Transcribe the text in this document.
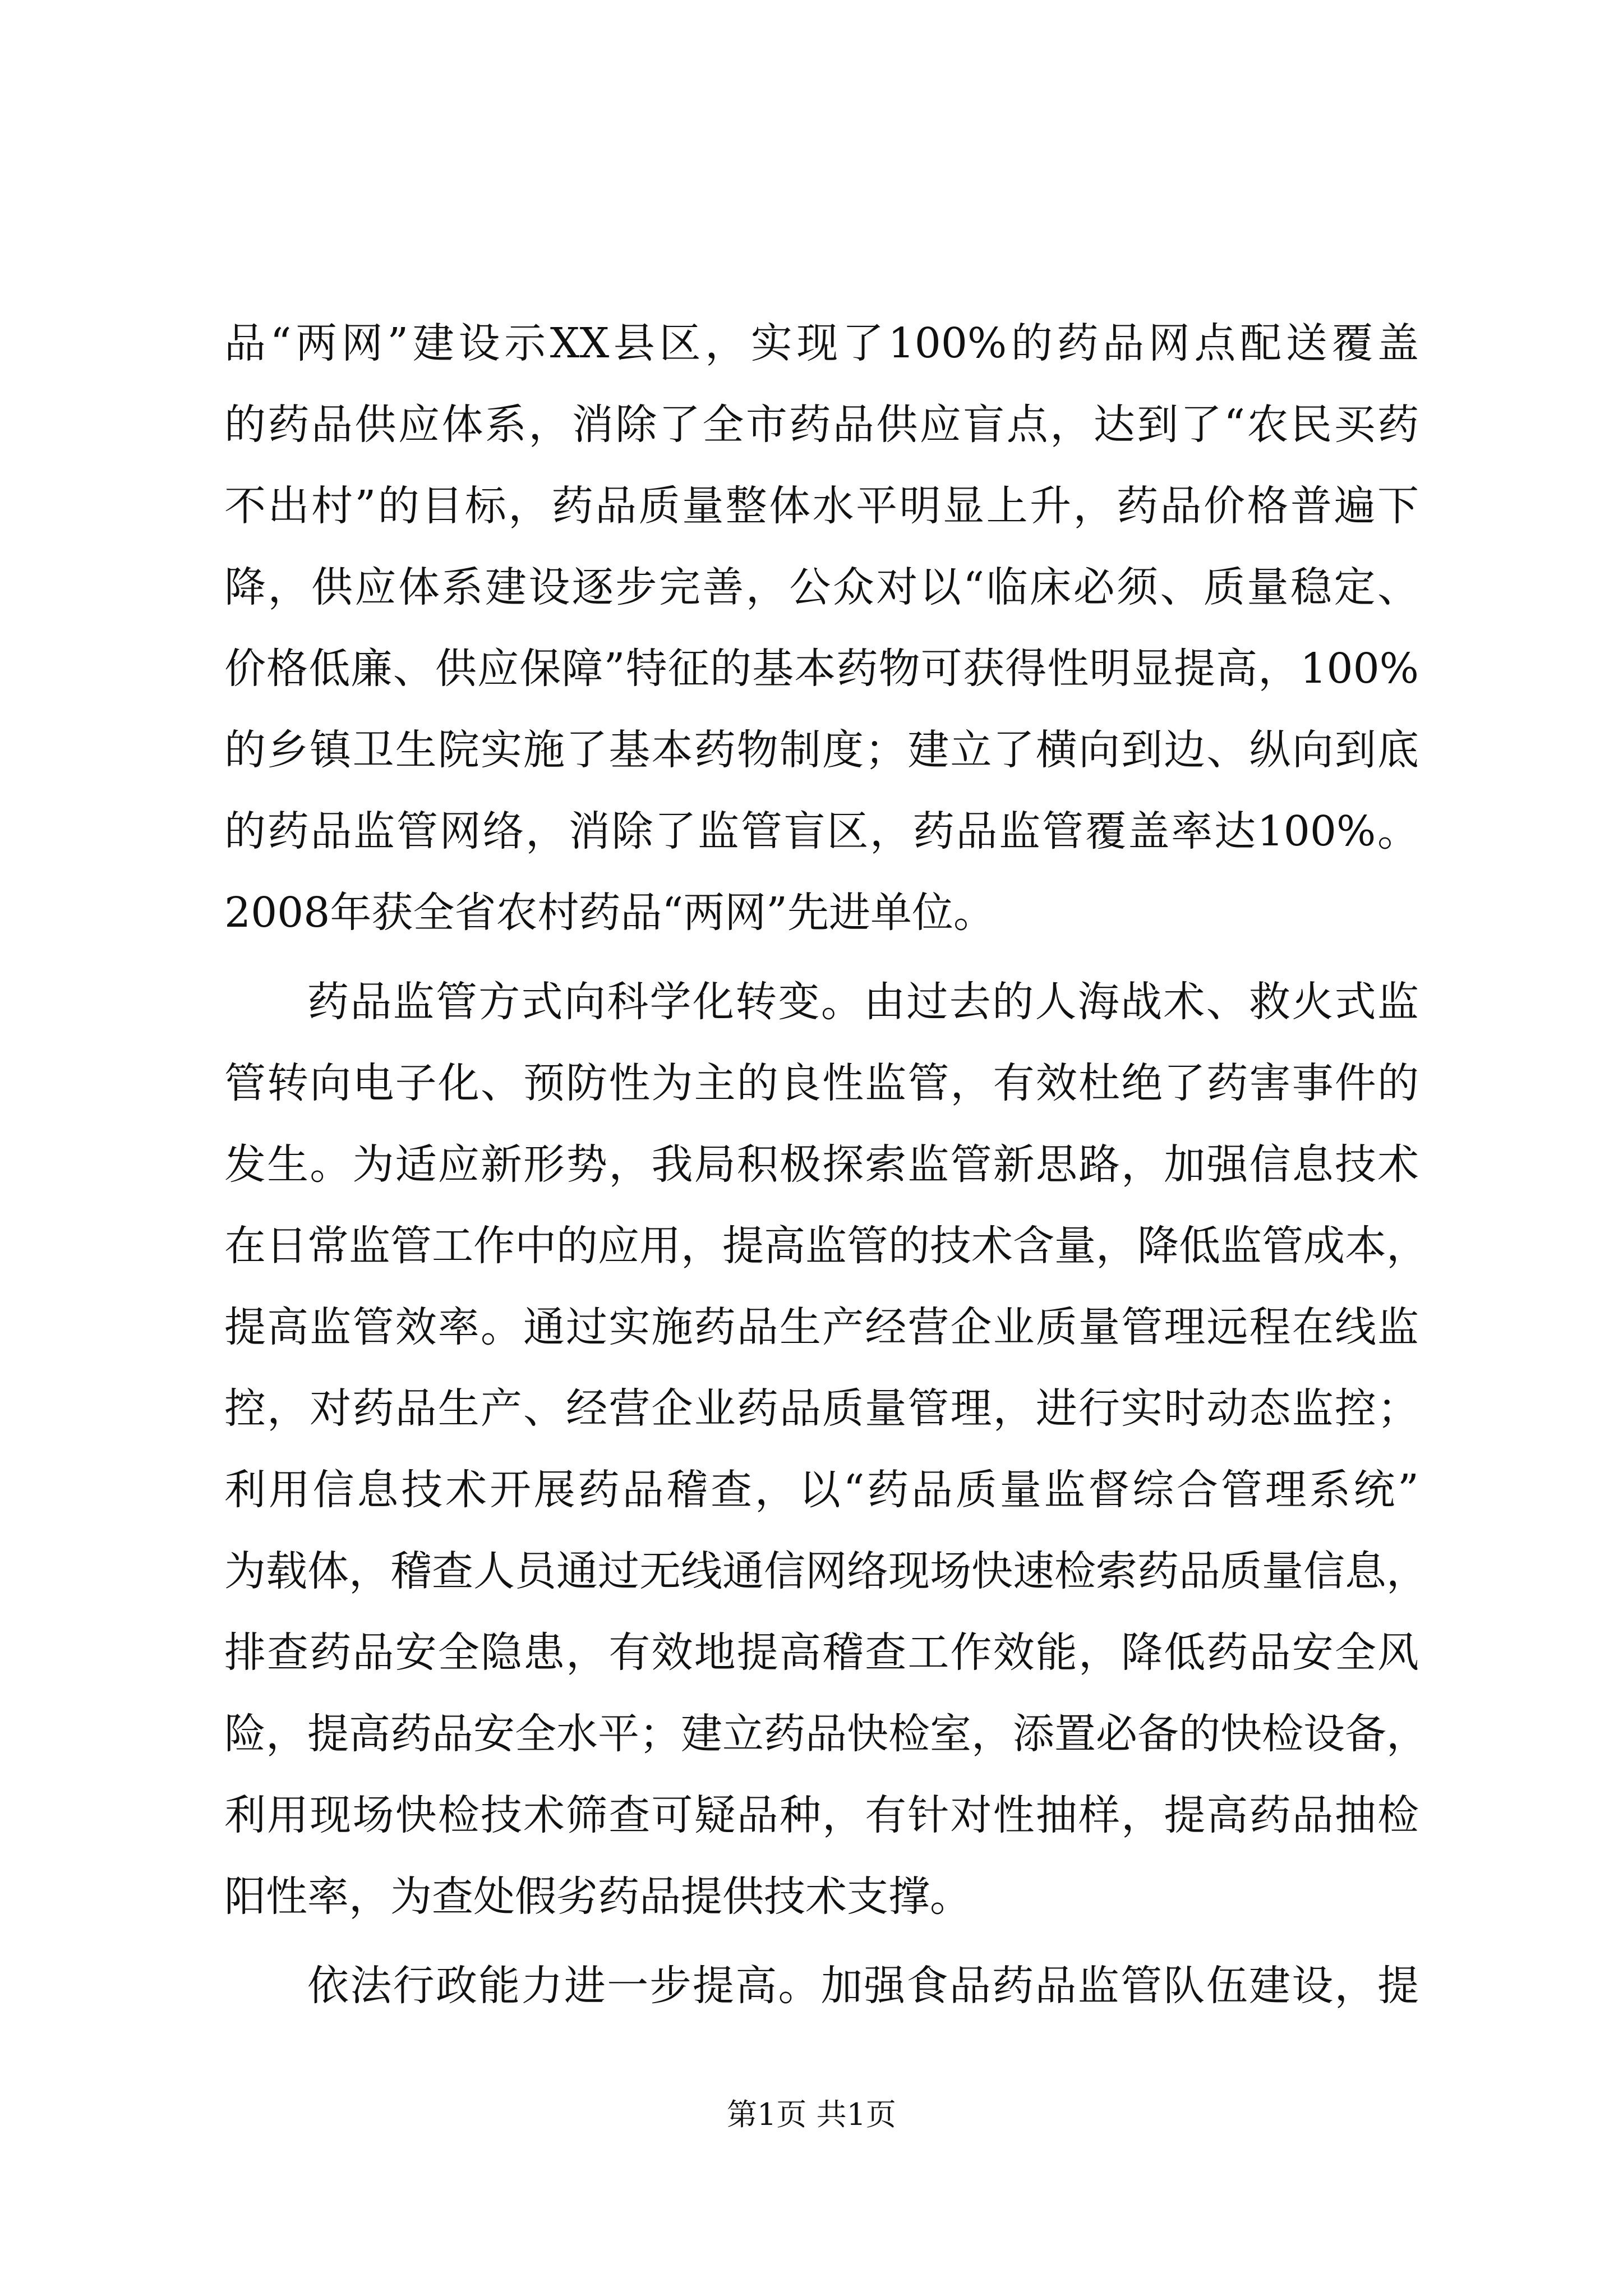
品“两网”建设示XX县区，实现了100%的药品网点配送覆盖
的药品供应体系，消除了全市药品供应盲点，达到了“农民买药
不出村”的目标，药品质量整体水平明显上升，药品价格普遍下
降，供应体系建设逐步完善，公众对以“临床必须、质量稳定、
价格低廉、供应保障”特征的基本药物可获得性明显提高，100%
的乡镇卫生院实施了基本药物制度；建立了横向到边、纵向到底
的药品监管网络，消除了监管盲区，药品监管覆盖率达100%。
2008年获全省农村药品“两网”先进单位。
药品监管方式向科学化转变。由过去的人海战术、救火式监
管转向电子化、预防性为主的良性监管，有效杜绝了药害事件的
发生。为适应新形势，我局积极探索监管新思路，加强信息技术
在日常监管工作中的应用，提高监管的技术含量，降低监管成本，
提高监管效率。通过实施药品生产经营企业质量管理远程在线监
控，对药品生产、经营企业药品质量管理，进行实时动态监控；
利用信息技术开展药品稽查，以“药品质量监督综合管理系统”
为载体，稽查人员通过无线通信网络现场快速检索药品质量信息，
排查药品安全隐患，有效地提高稽查工作效能，降低药品安全风
险，提高药品安全水平；建立药品快检室，添置必备的快检设备，
利用现场快检技术筛查可疑品种，有针对性抽样，提高药品抽检
阳性率，为查处假劣药品提供技术支撑。
依法行政能力进一步提高。加强食品药品监管队伍建设，提
第1页 共1页
